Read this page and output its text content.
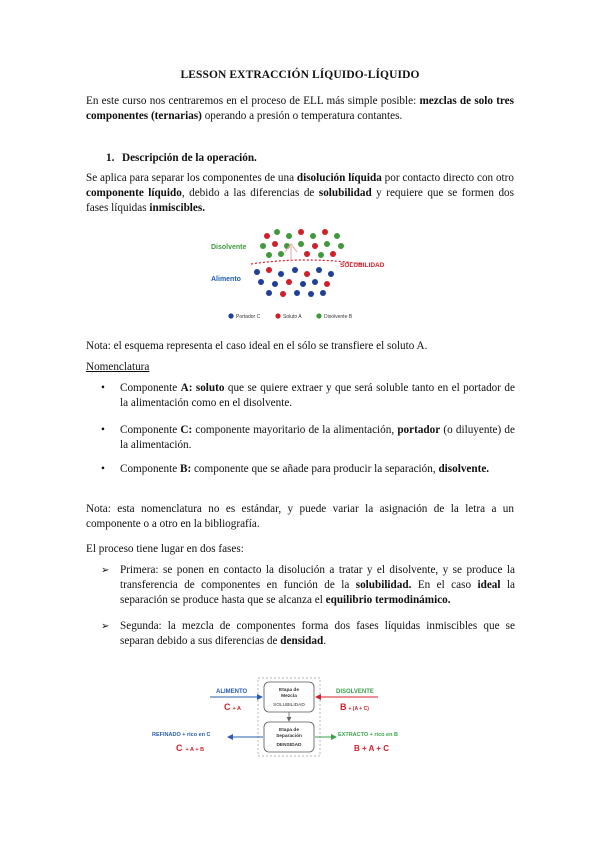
LESSON EXTRACCIÓN LÍQUIDO-LÍQUIDO
En este curso nos centraremos en el proceso de ELL más simple posible: mezclas de solo tres componentes (ternarias) operando a presión o temperatura contantes.
1. Descripción de la operación.
Se aplica para separar los componentes de una disolución líquida por contacto directo con otro componente líquido, debido a las diferencias de solubilidad y requiere que se formen dos fases líquidas inmiscibles.
Disolvente
Alimento
SOLUBILIDAD
Portador C	Soluto A	Disolvente B
Nota: el esquema representa el caso ideal en el sólo se transfiere el soluto A.
Nomenclatura
• Componente A: soluto que se quiere extraer y que será soluble tanto en el portador de la alimentación como en el disolvente.
• Componente C: componente mayoritario de la alimentación, portador (o diluyente) de la alimentación.
• Componente B: componente que se añade para producir la separación, disolvente.
Nota: esta nomenclatura no es estándar, y puede variar la asignación de la letra a un componente o a otro en la bibliografía.
El proceso tiene lugar en dos fases:
➢ Primera: se ponen en contacto la disolución a tratar y el disolvente, y se produce la transferencia de componentes en función de la solubilidad. En el caso ideal la separación se produce hasta que se alcanza el equilibrio termodinámico.
➢ Segunda: la mezcla de componentes forma dos fases líquidas inmiscibles que se separan debido a sus diferencias de densidad.
Etapa de
Mezcla
SOLUBILIDAD
Etapa de
Separación
DENSIDAD
ALIMENTO
C + A
DISOLVENTE
B + (A + C)
REFINADO + rico en C
C + A + B
EXTRACTO + rico en B
B + A + C
